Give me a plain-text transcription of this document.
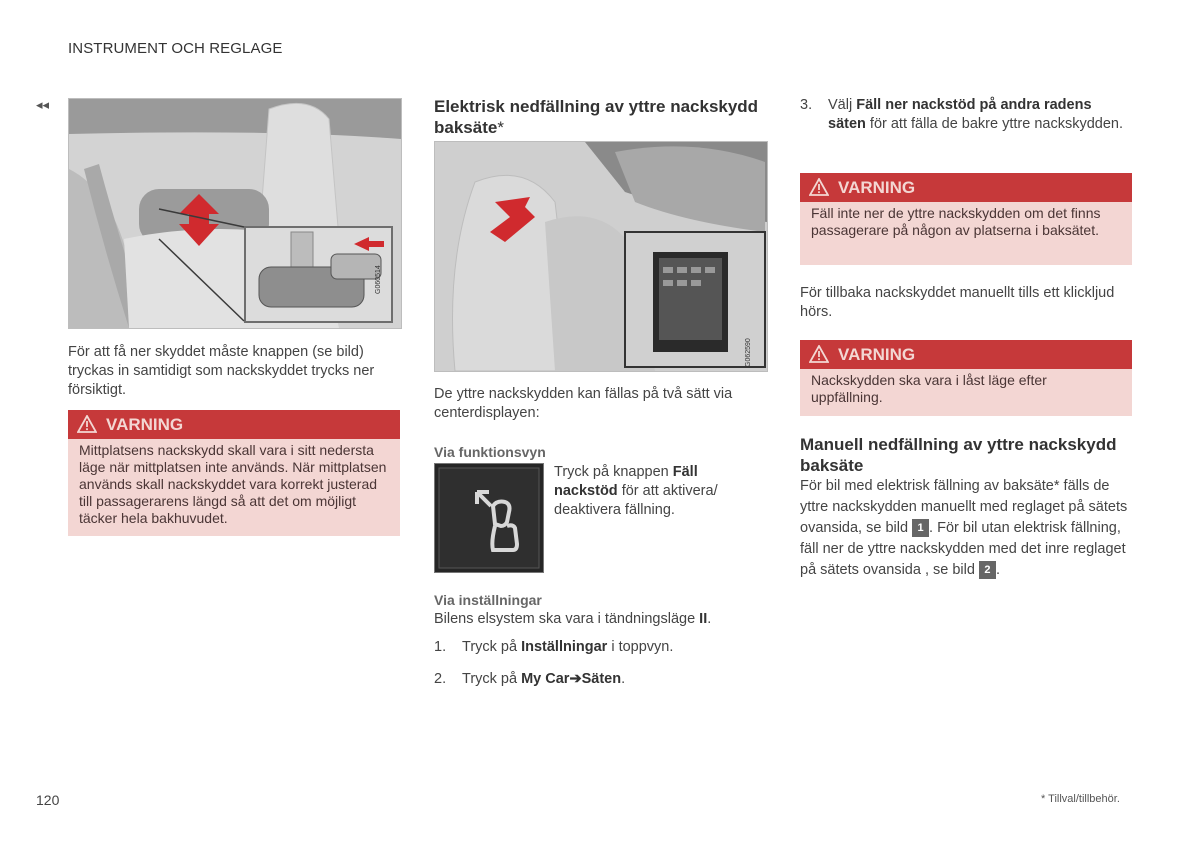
INSTRUMENT OCH REGLAGE
◂◂
G060514
För att få ner skyddet måste knappen (se bild) tryckas in samtidigt som nackskyddet trycks ner försiktigt.
VARNING
Mittplatsens nackskydd skall vara i sitt nedersta läge när mittplatsen inte används. När mittplatsen används skall nackskyddet vara korrekt justerad till passagerarens längd så att det om möjligt täcker hela bakhuvudet.
Elektrisk nedfällning av yttre nackskydd baksäte*
G062590
De yttre nackskydden kan fällas på två sätt via centerdisplayen:
Via funktionsvyn
Tryck på knappen Fäll nackstöd för att aktivera/ deaktivera fällning.
Via inställningar
Bilens elsystem ska vara i tändningsläge II.
1. Tryck på Inställningar i toppvyn.
2. Tryck på My Car➔Säten.
3. Välj Fäll ner nackstöd på andra radens säten för att fälla de bakre yttre nackskydden.
VARNING
Fäll inte ner de yttre nackskydden om det finns passagerare på någon av platserna i baksätet.
För tillbaka nackskyddet manuellt tills ett klickljud hörs.
VARNING
Nackskydden ska vara i låst läge efter uppfällning.
Manuell nedfällning av yttre nackskydd baksäte
För bil med elektrisk fällning av baksäte* fälls de yttre nackskydden manuellt med reglaget på sätets ovansida, se bild 1 . För bil utan elektrisk fällning, fäll ner de yttre nackskydden med det inre reglaget på sätets ovansida , se bild 2 .
120	* Tillval/tillbehör.
